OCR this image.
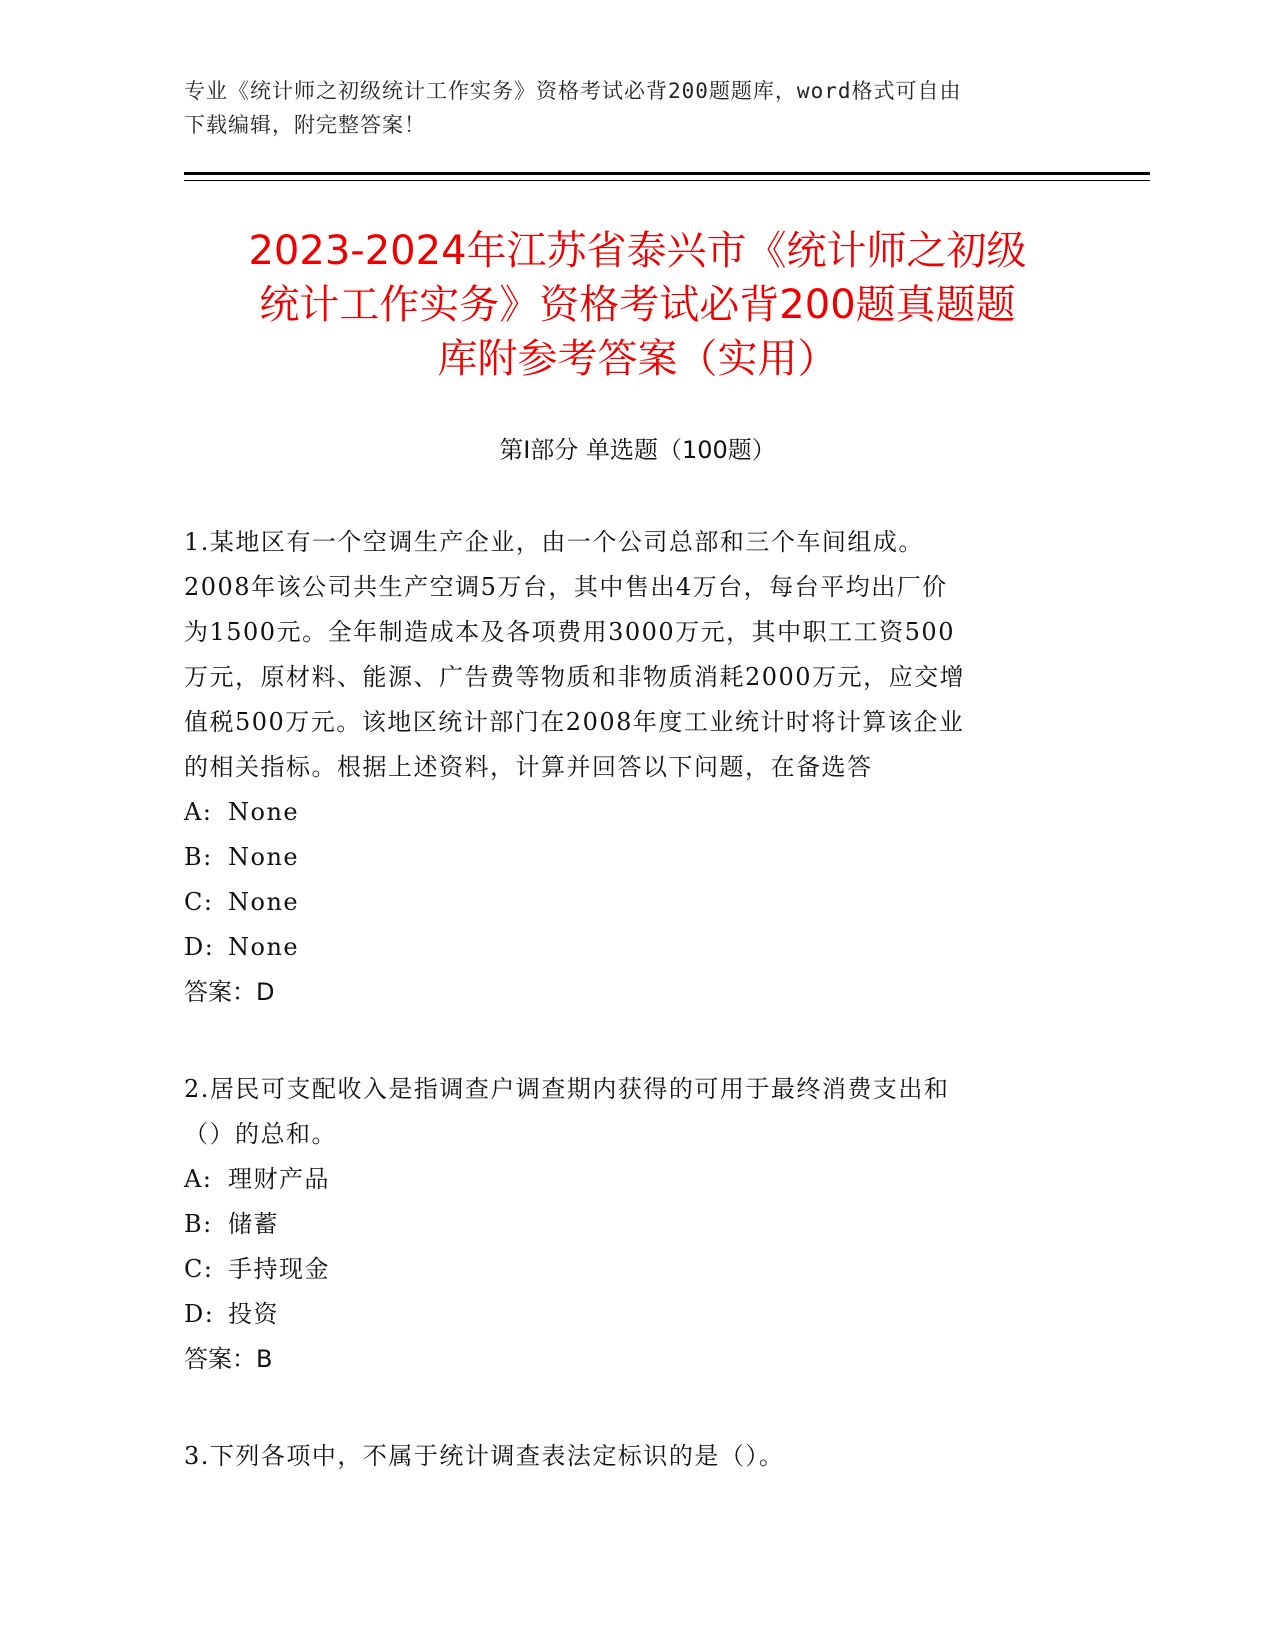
专业《统计师之初级统计工作实务》资格考试必背200题题库，word格式可自由
下载编辑，附完整答案！
2023-2024年江苏省泰兴市《统计师之初级
统计工作实务》资格考试必背200题真题题
库附参考答案（实用）
第Ⅰ部分 单选题（100题）

1.某地区有一个空调生产企业，由一个公司总部和三个车间组成。

2008年该公司共生产空调5万台，其中售出4万台，每台平均出厂价

为1500元。全年制造成本及各项费用3000万元，其中职工工资500

万元，原材料、能源、广告费等物质和非物质消耗2000万元，应交增

值税500万元。该地区统计部门在2008年度工业统计时将计算该企业

的相关指标。根据上述资料，计算并回答以下问题，在备选答

A: None
B: None
C: None
D: None

答案：D

2.居民可支配收入是指调查户调查期内获得的可用于最终消费支出和

（）的总和。

A: 理财产品
B: 储蓄
C: 手持现金
D: 投资

答案：B

3.下列各项中，不属于统计调查表法定标识的是（）。
